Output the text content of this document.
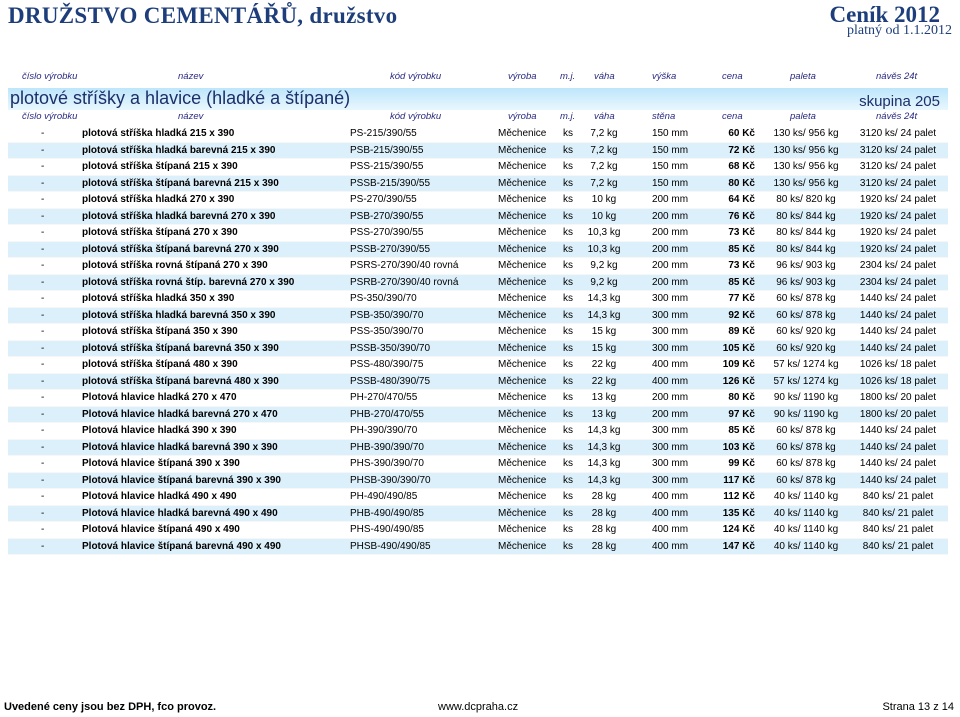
DRUŽSTVO CEMENTÁŘŮ, družstvo	Ceník 2012
platný od 1.1.2012
číslo výrobku	název	kód výrobku	výroba m.j. váha	výška	cena	paleta	návěs 24t
plotové stříšky a hlavice (hladké a štípané)	skupina 205
číslo výrobku	název	kód výrobku	výroba m.j. váha	stěna	cena	paleta	návěs 24t
-	plotová stříška hladká 215 x 390	PS-215/390/55	Měchenice ks	7,2 kg	150 mm	60 Kč	130 ks/ 956 kg	3120 ks/ 24 palet
-	plotová stříška hladká barevná 215 x 390	PSB-215/390/55	Měchenice ks	7,2 kg	150 mm	72 Kč	130 ks/ 956 kg	3120 ks/ 24 palet
-	plotová stříška štípaná 215 x 390	PSS-215/390/55	Měchenice ks	7,2 kg	150 mm	68 Kč	130 ks/ 956 kg	3120 ks/ 24 palet
-	plotová stříška štípaná barevná 215 x 390	PSSB-215/390/55	Měchenice ks	7,2 kg	150 mm	80 Kč	130 ks/ 956 kg	3120 ks/ 24 palet
-	plotová stříška hladká 270 x 390	PS-270/390/55	Měchenice ks	10 kg	200 mm	64 Kč	80 ks/ 820 kg	1920 ks/ 24 palet
-	plotová stříška hladká barevná 270 x 390	PSB-270/390/55	Měchenice ks	10 kg	200 mm	76 Kč	80 ks/ 844 kg	1920 ks/ 24 palet
-	plotová stříška štípaná 270 x 390	PSS-270/390/55	Měchenice ks	10,3 kg	200 mm	73 Kč	80 ks/ 844 kg	1920 ks/ 24 palet
-	plotová stříška štípaná barevná 270 x 390	PSSB-270/390/55	Měchenice ks	10,3 kg	200 mm	85 Kč	80 ks/ 844 kg	1920 ks/ 24 palet
-	plotová stříška rovná štípaná 270 x 390	PSRS-270/390/40 rovná	Měchenice ks	9,2 kg	200 mm	73 Kč	96 ks/ 903 kg	2304 ks/ 24 palet
-	plotová stříška rovná štíp. barevná 270 x 390	PSRB-270/390/40 rovná	Měchenice ks	9,2 kg	200 mm	85 Kč	96 ks/ 903 kg	2304 ks/ 24 palet
-	plotová stříška hladká 350 x 390	PS-350/390/70	Měchenice ks	14,3 kg	300 mm	77 Kč	60 ks/ 878 kg	1440 ks/ 24 palet
-	plotová stříška hladká barevná 350 x 390	PSB-350/390/70	Měchenice ks	14,3 kg	300 mm	92 Kč	60 ks/ 878 kg	1440 ks/ 24 palet
-	plotová stříška štípaná 350 x 390	PSS-350/390/70	Měchenice ks	15 kg	300 mm	89 Kč	60 ks/ 920 kg	1440 ks/ 24 palet
-	plotová stříška štípaná barevná 350 x 390	PSSB-350/390/70	Měchenice ks	15 kg	300 mm	105 Kč	60 ks/ 920 kg	1440 ks/ 24 palet
-	plotová stříška štípaná 480 x 390	PSS-480/390/75	Měchenice ks	22 kg	400 mm	109 Kč	57 ks/ 1274 kg	1026 ks/ 18 palet
-	plotová stříška štípaná barevná 480 x 390	PSSB-480/390/75	Měchenice ks	22 kg	400 mm	126 Kč	57 ks/ 1274 kg	1026 ks/ 18 palet
-	Plotová hlavice hladká 270 x 470	PH-270/470/55	Měchenice ks	13 kg	200 mm	80 Kč	90 ks/ 1190 kg	1800 ks/ 20 palet
-	Plotová hlavice hladká barevná 270 x 470	PHB-270/470/55	Měchenice ks	13 kg	200 mm	97 Kč	90 ks/ 1190 kg	1800 ks/ 20 palet
-	Plotová hlavice hladká 390 x 390	PH-390/390/70	Měchenice ks	14,3 kg	300 mm	85 Kč	60 ks/ 878 kg	1440 ks/ 24 palet
-	Plotová hlavice hladká barevná 390 x 390	PHB-390/390/70	Měchenice ks	14,3 kg	300 mm	103 Kč	60 ks/ 878 kg	1440 ks/ 24 palet
-	Plotová hlavice štípaná 390 x 390	PHS-390/390/70	Měchenice ks	14,3 kg	300 mm	99 Kč	60 ks/ 878 kg	1440 ks/ 24 palet
-	Plotová hlavice štípaná barevná 390 x 390	PHSB-390/390/70	Měchenice ks	14,3 kg	300 mm	117 Kč	60 ks/ 878 kg	1440 ks/ 24 palet
-	Plotová hlavice hladká 490 x 490	PH-490/490/85	Měchenice ks	28 kg	400 mm	112 Kč	40 ks/ 1140 kg	840 ks/ 21 palet
-	Plotová hlavice hladká barevná 490 x 490	PHB-490/490/85	Měchenice ks	28 kg	400 mm	135 Kč	40 ks/ 1140 kg	840 ks/ 21 palet
-	Plotová hlavice štípaná 490 x 490	PHS-490/490/85	Měchenice ks	28 kg	400 mm	124 Kč	40 ks/ 1140 kg	840 ks/ 21 palet
-	Plotová hlavice štípaná barevná 490 x 490	PHSB-490/490/85	Měchenice ks	28 kg	400 mm	147 Kč	40 ks/ 1140 kg	840 ks/ 21 palet
Uvedené ceny jsou bez DPH, fco provoz.	www.dcpraha.cz	Strana 13 z 14
